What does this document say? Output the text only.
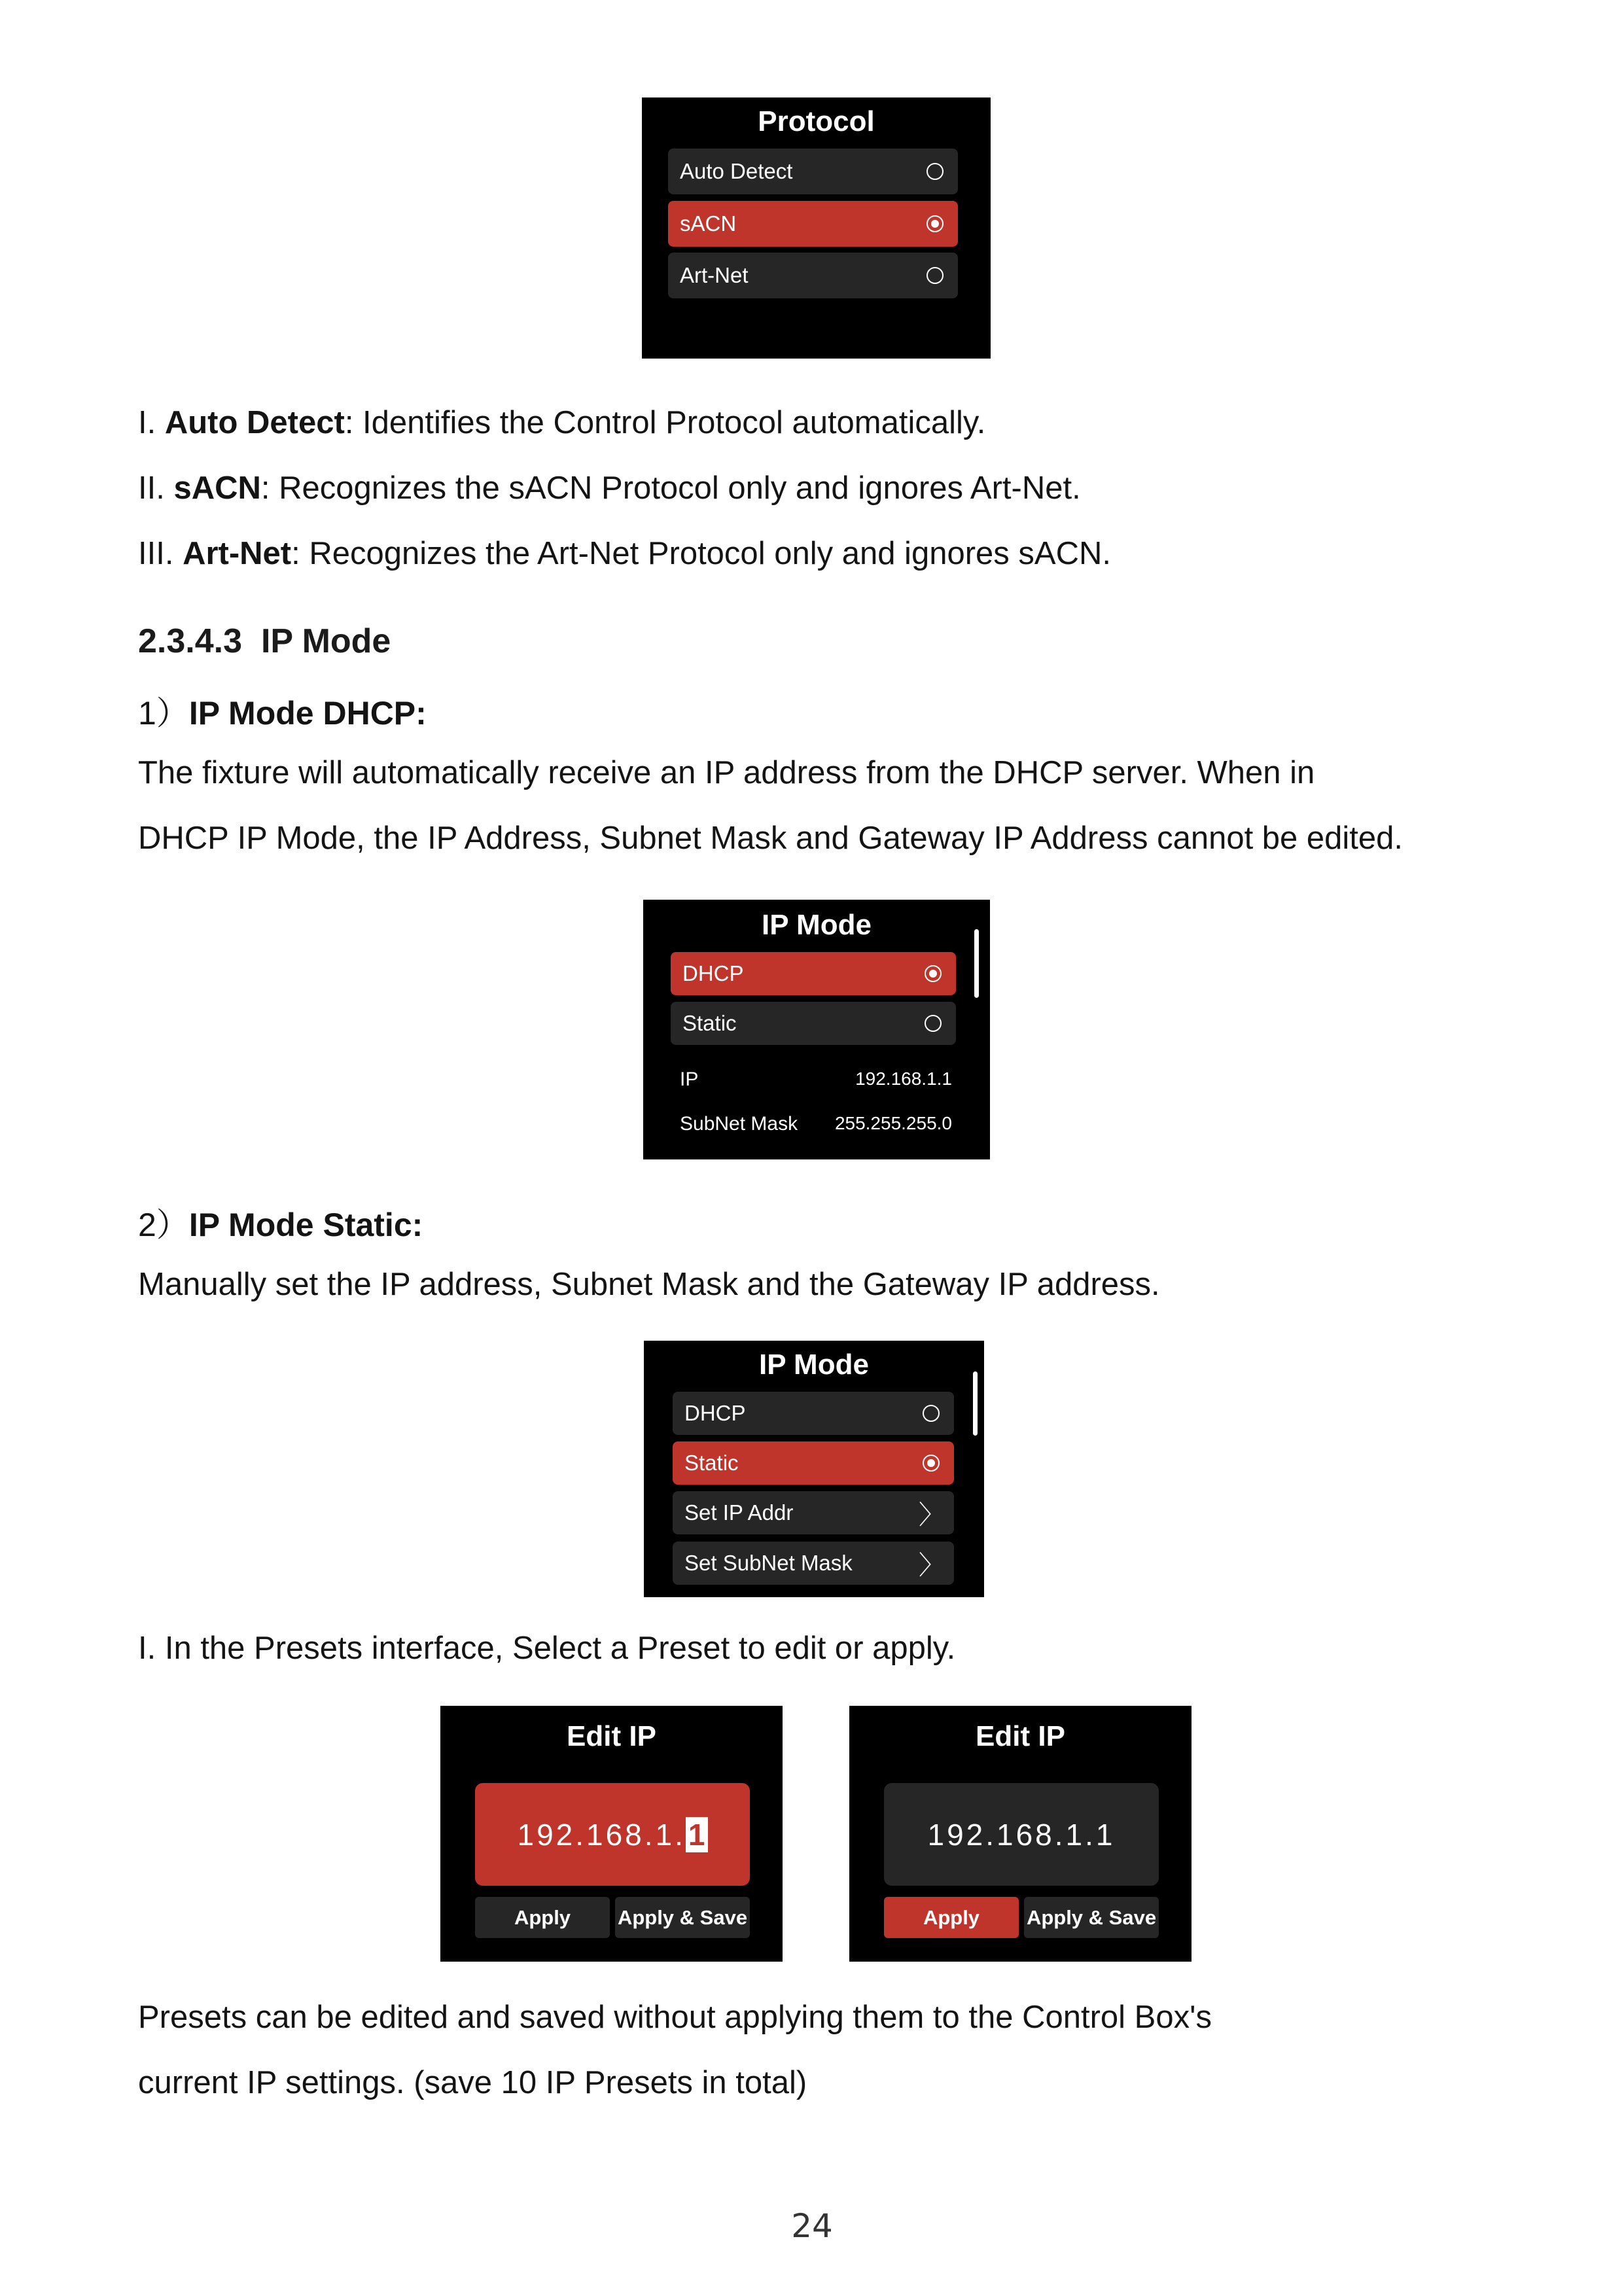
Protocol
Auto Detect
sACN
Art-Net
I. Auto Detect: Identifies the Control Protocol automatically.
II. sACN: Recognizes the sACN Protocol only and ignores Art-Net.
III. Art-Net: Recognizes the Art-Net Protocol only and ignores sACN.
2.3.4.3 IP Mode
1）IP Mode DHCP:
The fixture will automatically receive an IP address from the DHCP server. When in
DHCP IP Mode, the IP Address, Subnet Mask and Gateway IP Address cannot be edited.
IP Mode
DHCP
Static
IP	192.168.1.1
SubNet Mask 255.255.255.0
2）IP Mode Static:
Manually set the IP address, Subnet Mask and the Gateway IP address.
IP Mode
DHCP
Static
Set IP Addr	〉
Set SubNet Mask	〉
I. In the Presets interface, Select a Preset to edit or apply.
Edit IP
192.168.1. 1
Apply	Apply & Save
Edit IP
192.168.1.1
Apply	Apply & Save
Presets can be edited and saved without applying them to the Control Box's
current IP settings. (save 10 IP Presets in total)
24
